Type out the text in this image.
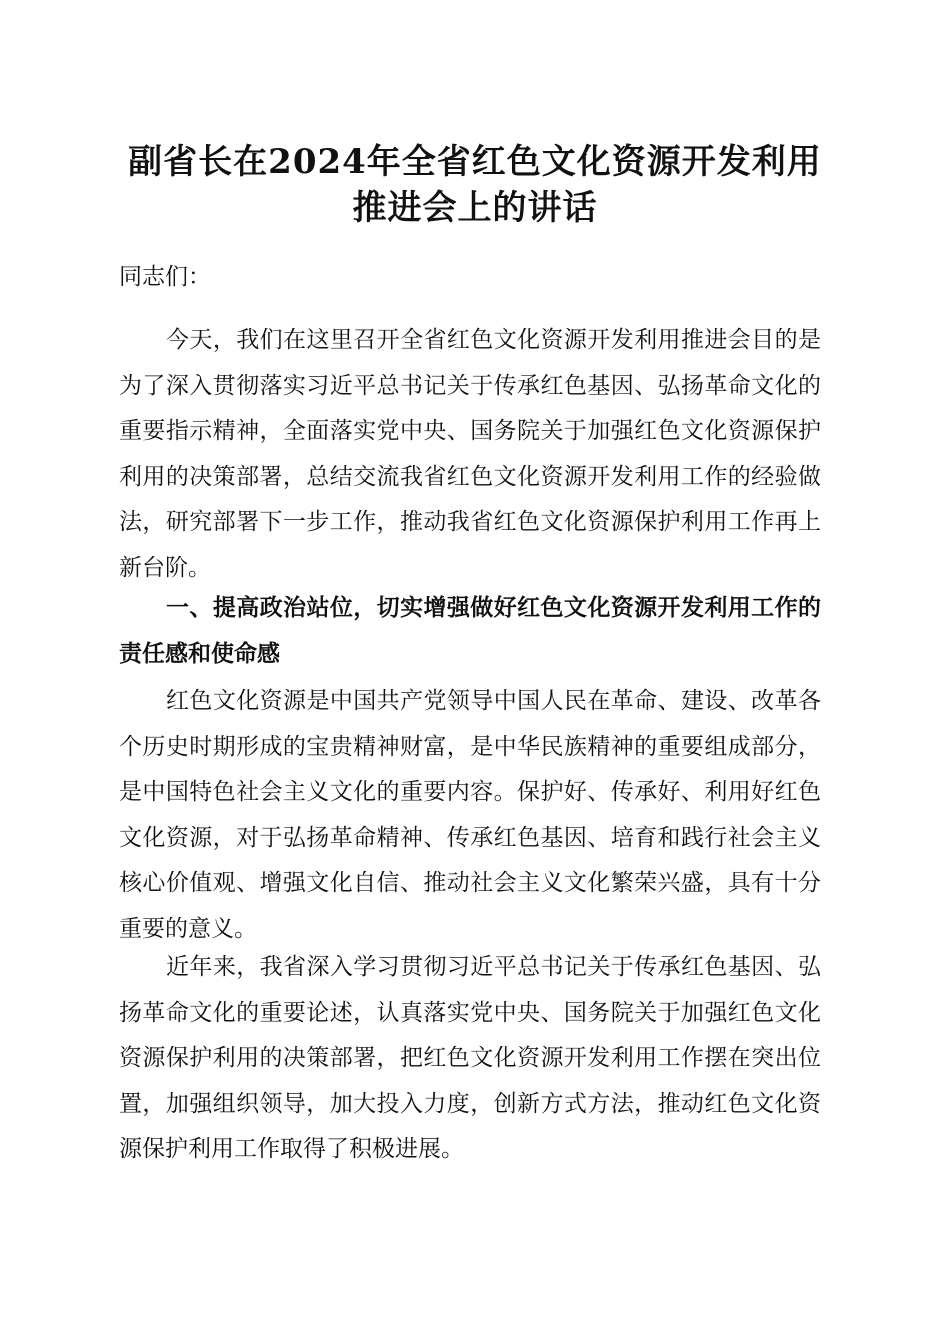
副省长在2024年全省红色文化资源开发利用
推进会上的讲话

同志们：

今天，我们在这里召开全省红色文化资源开发利用推进会目的是为了深入贯彻落实习近平总书记关于传承红色基因、弘扬革命文化的重要指示精神，全面落实党中央、国务院关于加强红色文化资源保护利用的决策部署，总结交流我省红色文化资源开发利用工作的经验做法，研究部署下一步工作，推动我省红色文化资源保护利用工作再上新台阶。

一、提高政治站位，切实增强做好红色文化资源开发利用工作的责任感和使命感

红色文化资源是中国共产党领导中国人民在革命、建设、改革各个历史时期形成的宝贵精神财富，是中华民族精神的重要组成部分，是中国特色社会主义文化的重要内容。保护好、传承好、利用好红色文化资源，对于弘扬革命精神、传承红色基因、培育和践行社会主义核心价值观、增强文化自信、推动社会主义文化繁荣兴盛，具有十分重要的意义。

近年来，我省深入学习贯彻习近平总书记关于传承红色基因、弘扬革命文化的重要论述，认真落实党中央、国务院关于加强红色文化资源保护利用的决策部署，把红色文化资源开发利用工作摆在突出位置，加强组织领导，加大投入力度，创新方式方法，推动红色文化资源保护利用工作取得了积极进展。
